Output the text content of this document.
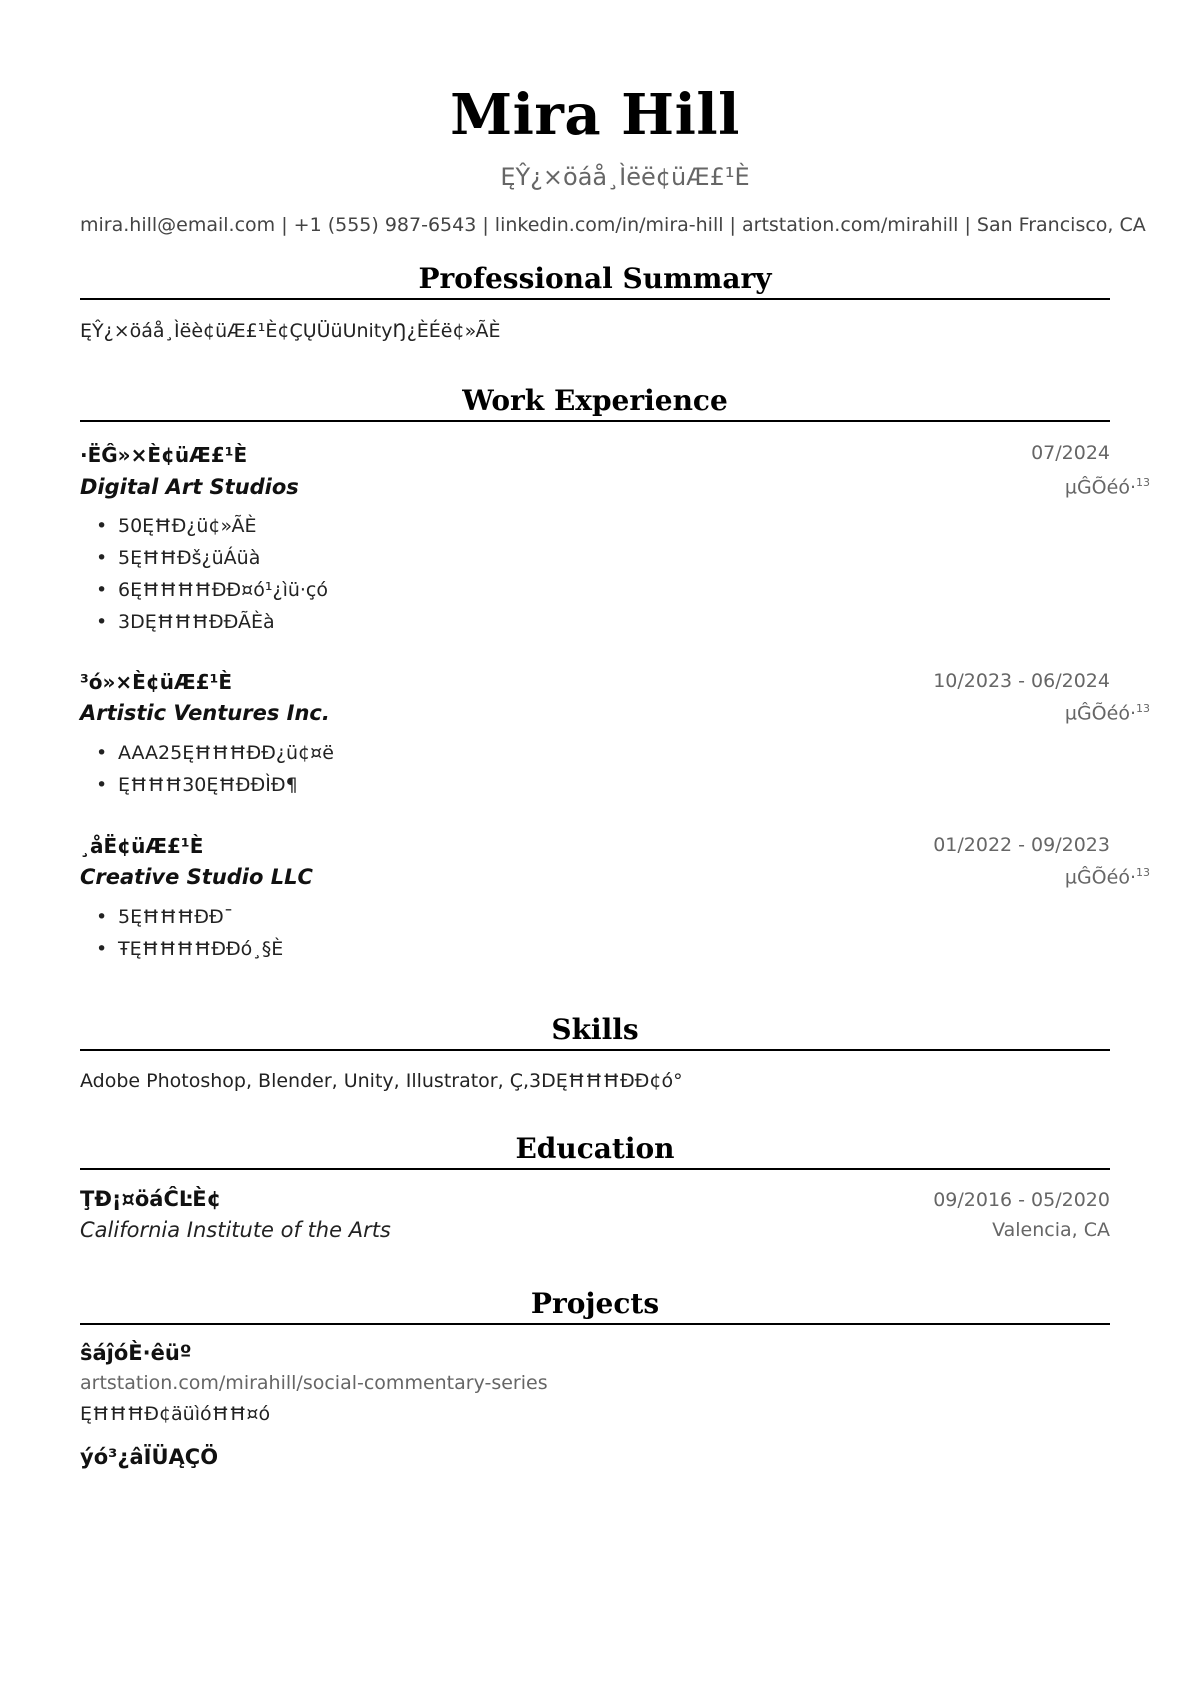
Mira Hill
ĘŶ¿×öáå¸Ìëë¢üÆ£¹È
mira.hill@email.com | +1 (555) 987-6543 | linkedin.com/in/mira-hill | artstation.com/mirahill | San Francisco, CA
Professional Summary
ĘŶ¿×öáå¸Ìëè¢üÆ£¹È¢ÇŲÜüUnityŊ¿ÈÉë¢»ÃÈ
Work Experience
·ËĜ»×È¢üÆ£¹È	07/2024
Digital Art Studios	µĜÕéó·$^{13}$
• 50ĘĦÐ¿ü¢»ÃÈ
• 5ĘĦĦÐš¿üÁüà
• 6ĘĦĦĦĦÐÐ¤ó¹¿ìü·çó
• 3DĘĦĦĦÐÐÃÈà
³ó»×È¢üÆ£¹È	10/2023 - 06/2024
Artistic Ventures Inc.	µĜÕéó·$^{13}$
• AAA25ĘĦĦĦÐÐ¿ü¢¤ë
• ĘĦĦĦ30ĘĦÐÐÌÐ¶
¸åË¢üÆ£¹È	01/2022 - 09/2023
Creative Studio LLC	µĜÕéó·$^{13}$
• 5ĘĦĦĦÐÐ¯
• ŦĘĦĦĦĦÐÐó¸§È
Skills
Adobe Photoshop, Blender, Unity, Illustrator, Ç,3DĘĦĦĦÐÐ¢ó°
Education
ŢĐ¡¤öáĈĿÈ¢	09/2016 - 05/2020
California Institute of the Arts	Valencia, CA
Projects
ŝáĵóÈ·êüº
artstation.com/mirahill/social-commentary-series
ĘĦĦĦÐ¢äüìóĦĦ¤ó
ýó³¿âÏÜĄÇÖ
